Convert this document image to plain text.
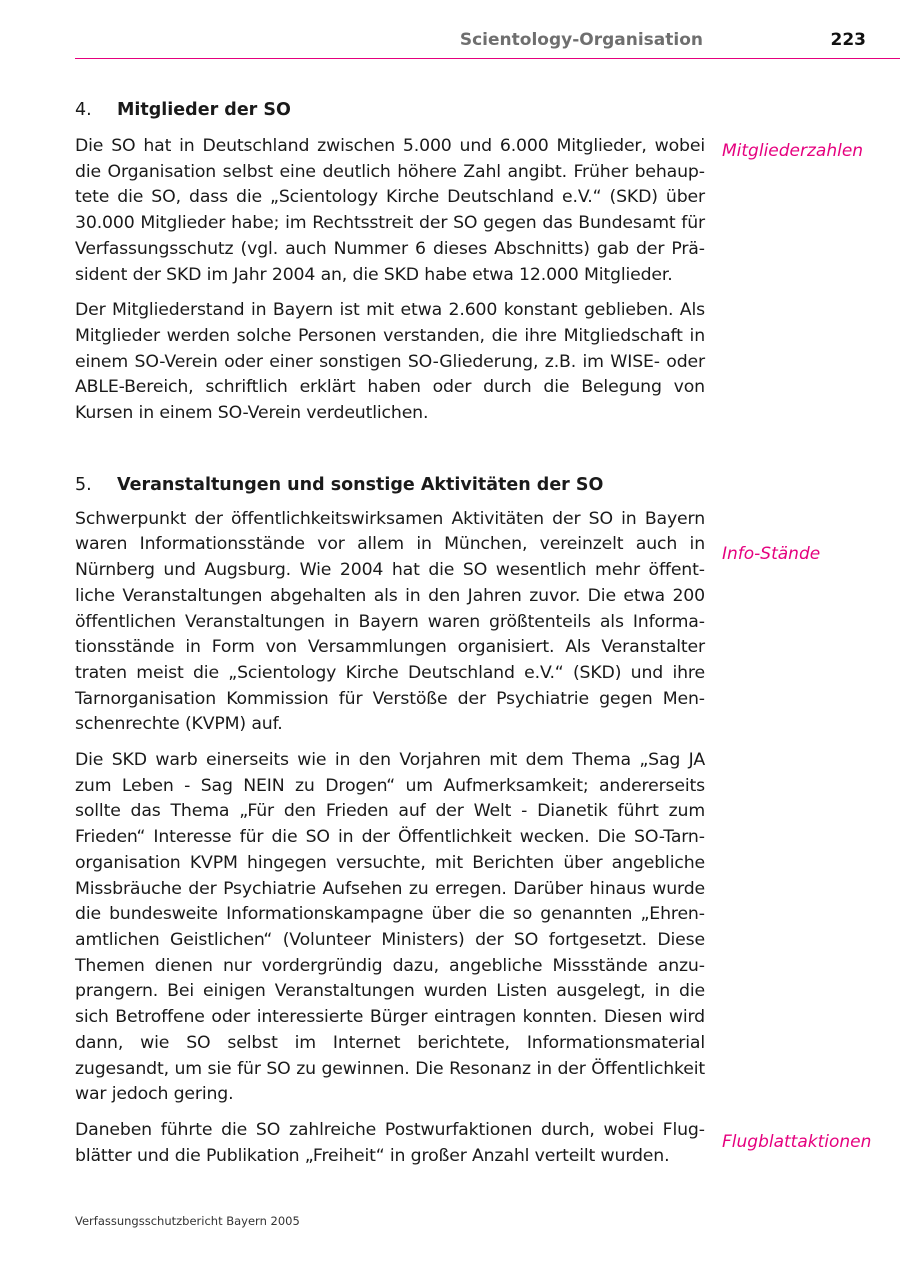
Scientology-Organisation	223
4. Mitglieder der SO

Die SO hat in Deutschland zwischen 5.000 und 6.000 Mitglieder, wobei die Organisation selbst eine deutlich höhere Zahl angibt. Früher behauptete die SO, dass die „Scientology Kirche Deutschland e.V.“ (SKD) über 30.000 Mitglieder habe; im Rechtsstreit der SO gegen das Bundesamt für Verfassungsschutz (vgl. auch Nummer 6 dieses Abschnitts) gab der Präsident der SKD im Jahr 2004 an, die SKD habe etwa 12.000 Mitglieder.

Der Mitgliederstand in Bayern ist mit etwa 2.600 konstant geblieben. Als Mitglieder werden solche Personen verstanden, die ihre Mitgliedschaft in einem SO-Verein oder einer sonstigen SO-Gliederung, z.B. im WISE- oder ABLE-Bereich, schriftlich erklärt haben oder durch die Belegung von Kursen in einem SO-Verein verdeutlichen.

5. Veranstaltungen und sonstige Aktivitäten der SO

Schwerpunkt der öffentlichkeitswirksamen Aktivitäten der SO in Bayern waren Informationsstände vor allem in München, vereinzelt auch in Nürnberg und Augsburg. Wie 2004 hat die SO wesentlich mehr öffentliche Veranstaltungen abgehalten als in den Jahren zuvor. Die etwa 200 öffentlichen Veranstaltungen in Bayern waren größtenteils als Informationsstände in Form von Versammlungen organisiert. Als Veranstalter traten meist die „Scientology Kirche Deutschland e.V.“ (SKD) und ihre Tarnorganisation Kommission für Verstöße der Psychiatrie gegen Menschenrechte (KVPM) auf.

Die SKD warb einerseits wie in den Vorjahren mit dem Thema „Sag JA zum Leben - Sag NEIN zu Drogen“ um Aufmerksamkeit; andererseits sollte das Thema „Für den Frieden auf der Welt - Dianetik führt zum Frieden“ Interesse für die SO in der Öffentlichkeit wecken. Die SO-Tarnorganisation KVPM hingegen versuchte, mit Berichten über angebliche Missbräuche der Psychiatrie Aufsehen zu erregen. Darüber hinaus wurde die bundesweite Informationskampagne über die so genannten „Ehrenamtlichen Geistlichen“ (Volunteer Ministers) der SO fortgesetzt. Diese Themen dienen nur vordergründig dazu, angebliche Missstände anzuprangern. Bei einigen Veranstaltungen wurden Listen ausgelegt, in die sich Betroffene oder interessierte Bürger eintragen konnten. Diesen wird dann, wie SO selbst im Internet berichtete, Informationsmaterial zugesandt, um sie für SO zu gewinnen. Die Resonanz in der Öffentlichkeit war jedoch gering.

Daneben führte die SO zahlreiche Postwurfaktionen durch, wobei Flugblätter und die Publikation „Freiheit“ in großer Anzahl verteilt wurden.

Mitgliederzahlen
Info-Stände
Flugblattaktionen
Verfassungsschutzbericht Bayern 2005
